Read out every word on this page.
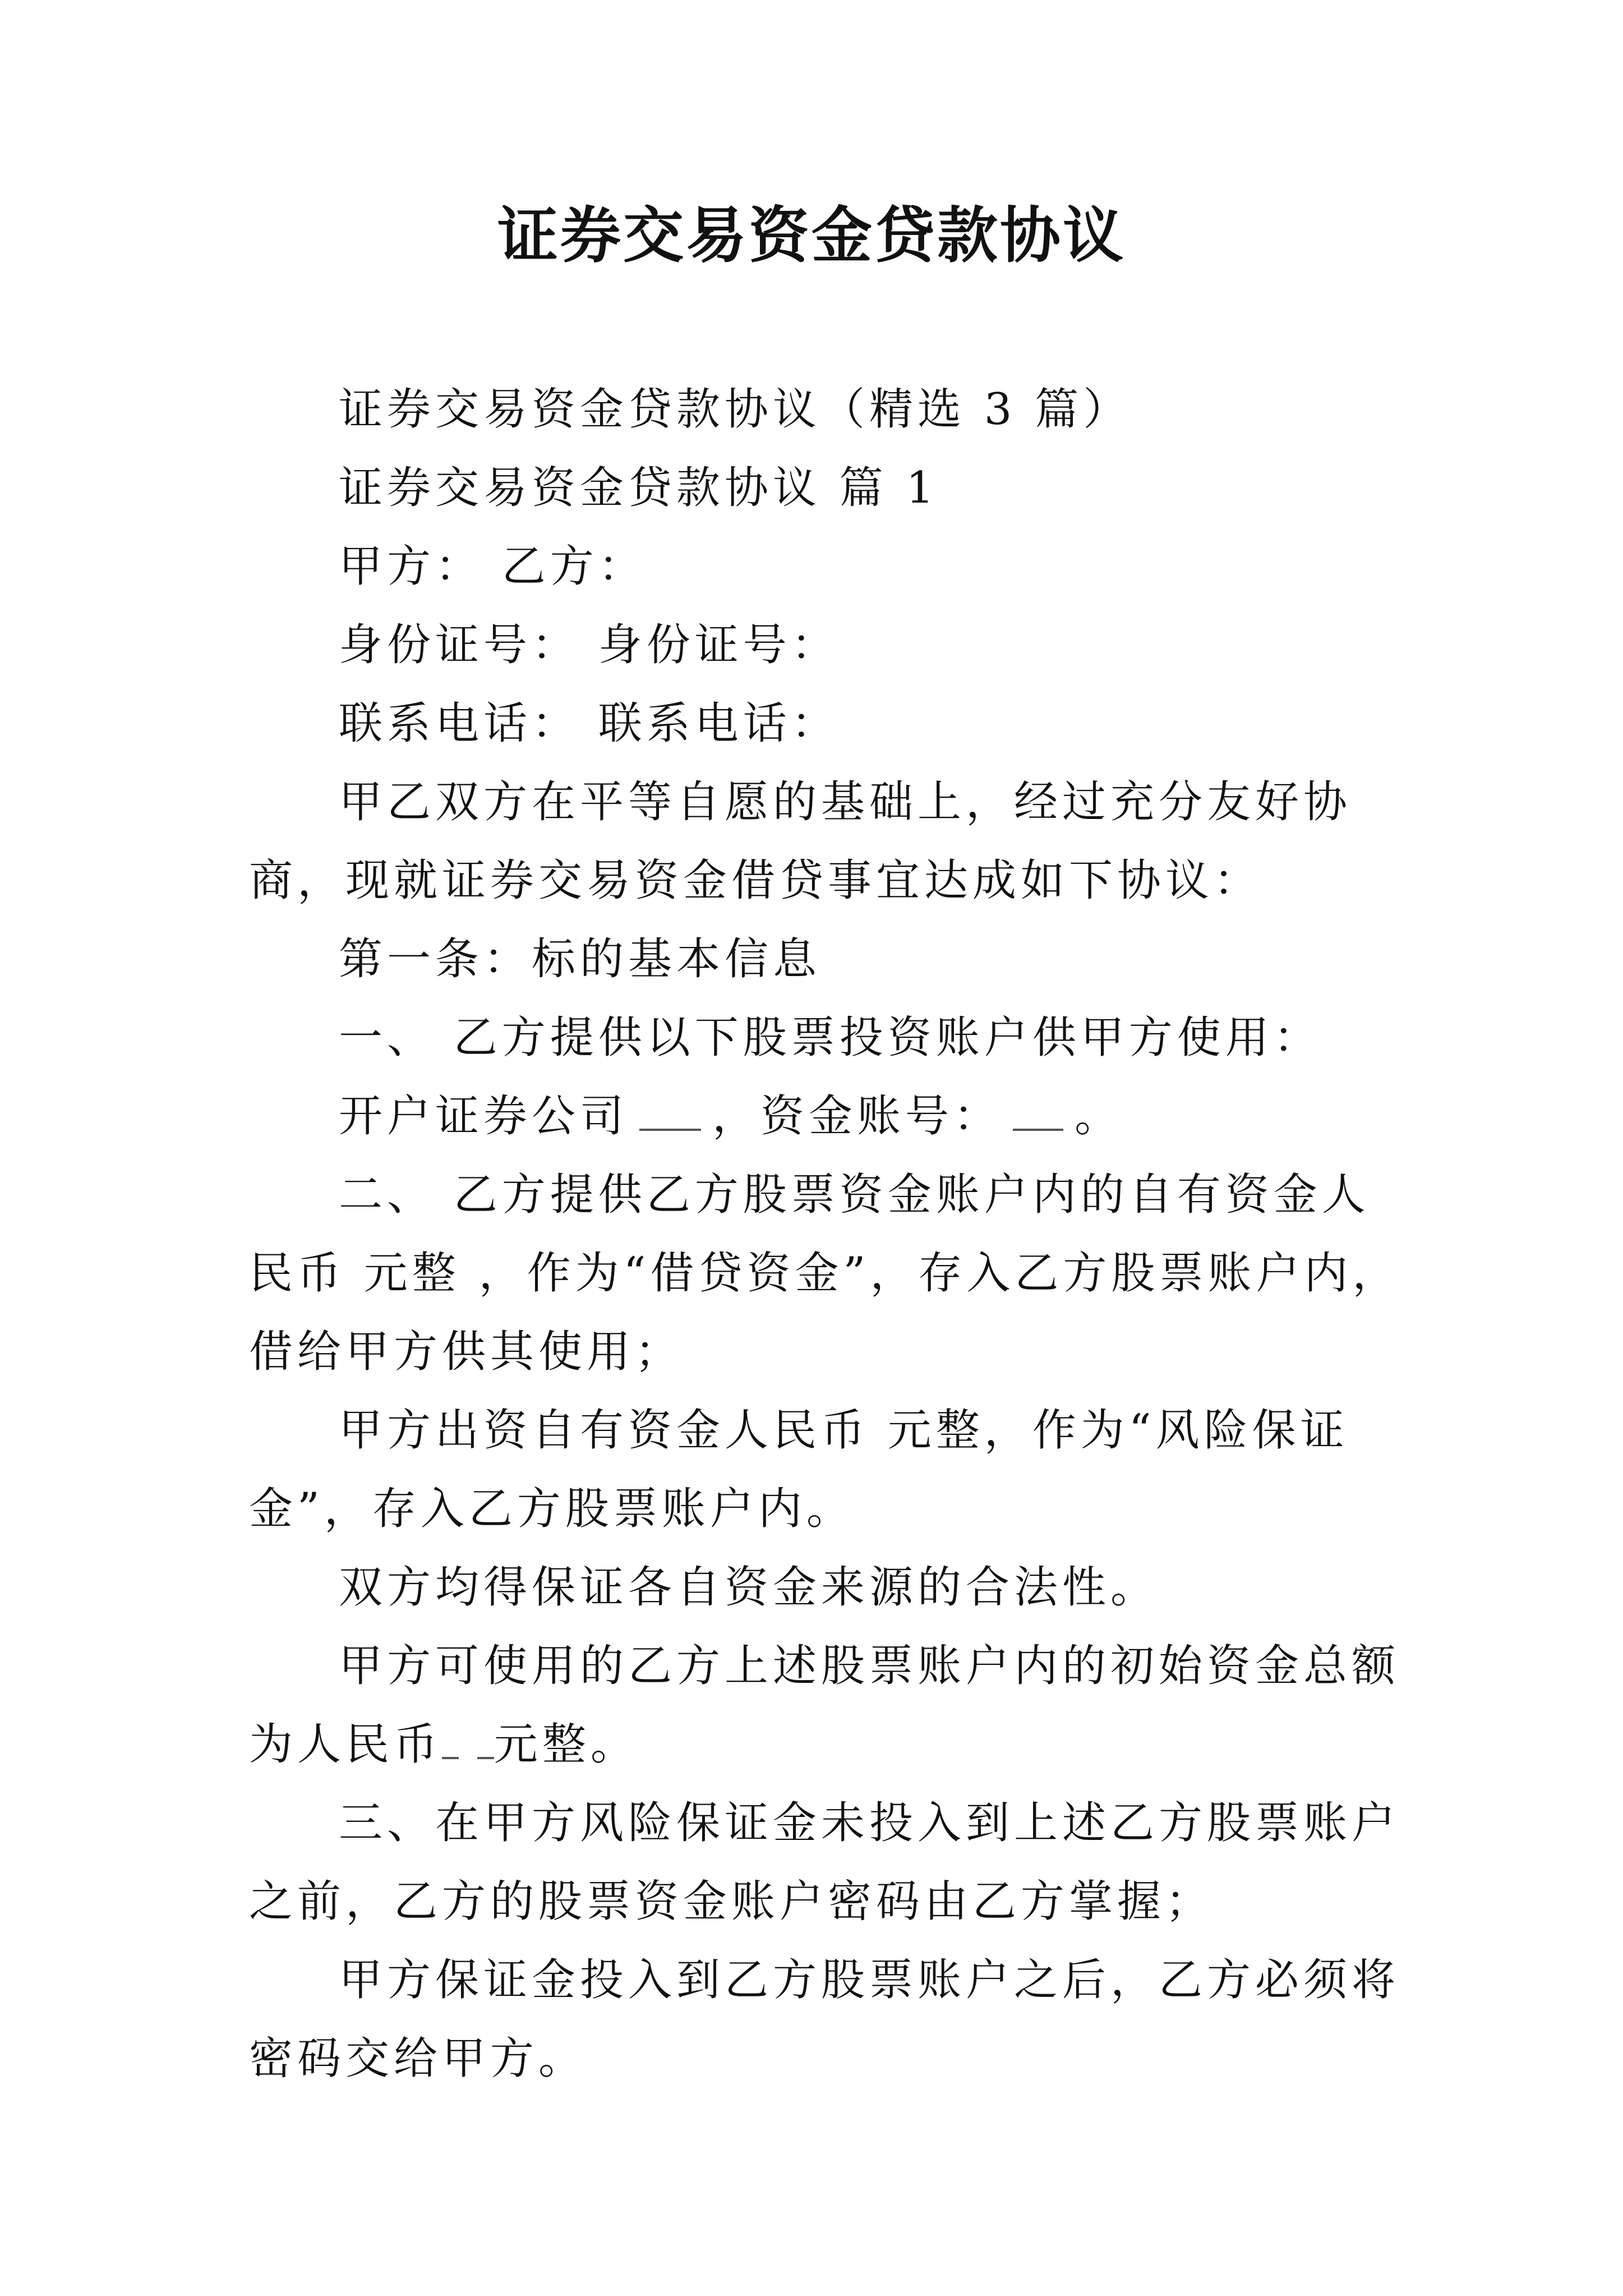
证券交易资金贷款协议

证券交易资金贷款协议（精选 3 篇）

证券交易资金贷款协议 篇 1

甲方： 乙方：

身份证号： 身份证号：

联系电话： 联系电话：

甲乙双方在平等自愿的基础上，经过充分友好协商，现就证券交易资金借贷事宜达成如下协议：

第一条：标的基本信息

一、 乙方提供以下股票投资账户供甲方使用：

开户证券公司 ，资金账号： 。

二、 乙方提供乙方股票资金账户内的自有资金人民币 元整 ，作为“借贷资金”，存入乙方股票账户内，借给甲方供其使用；

甲方出资自有资金人民币 元整，作为“风险保证金”，存入乙方股票账户内。

双方均得保证各自资金来源的合法性。

甲方可使用的乙方上述股票账户内的初始资金总额为人民币 元整。

三、在甲方风险保证金未投入到上述乙方股票账户之前，乙方的股票资金账户密码由乙方掌握；

甲方保证金投入到乙方股票账户之后，乙方必须将密码交给甲方。
